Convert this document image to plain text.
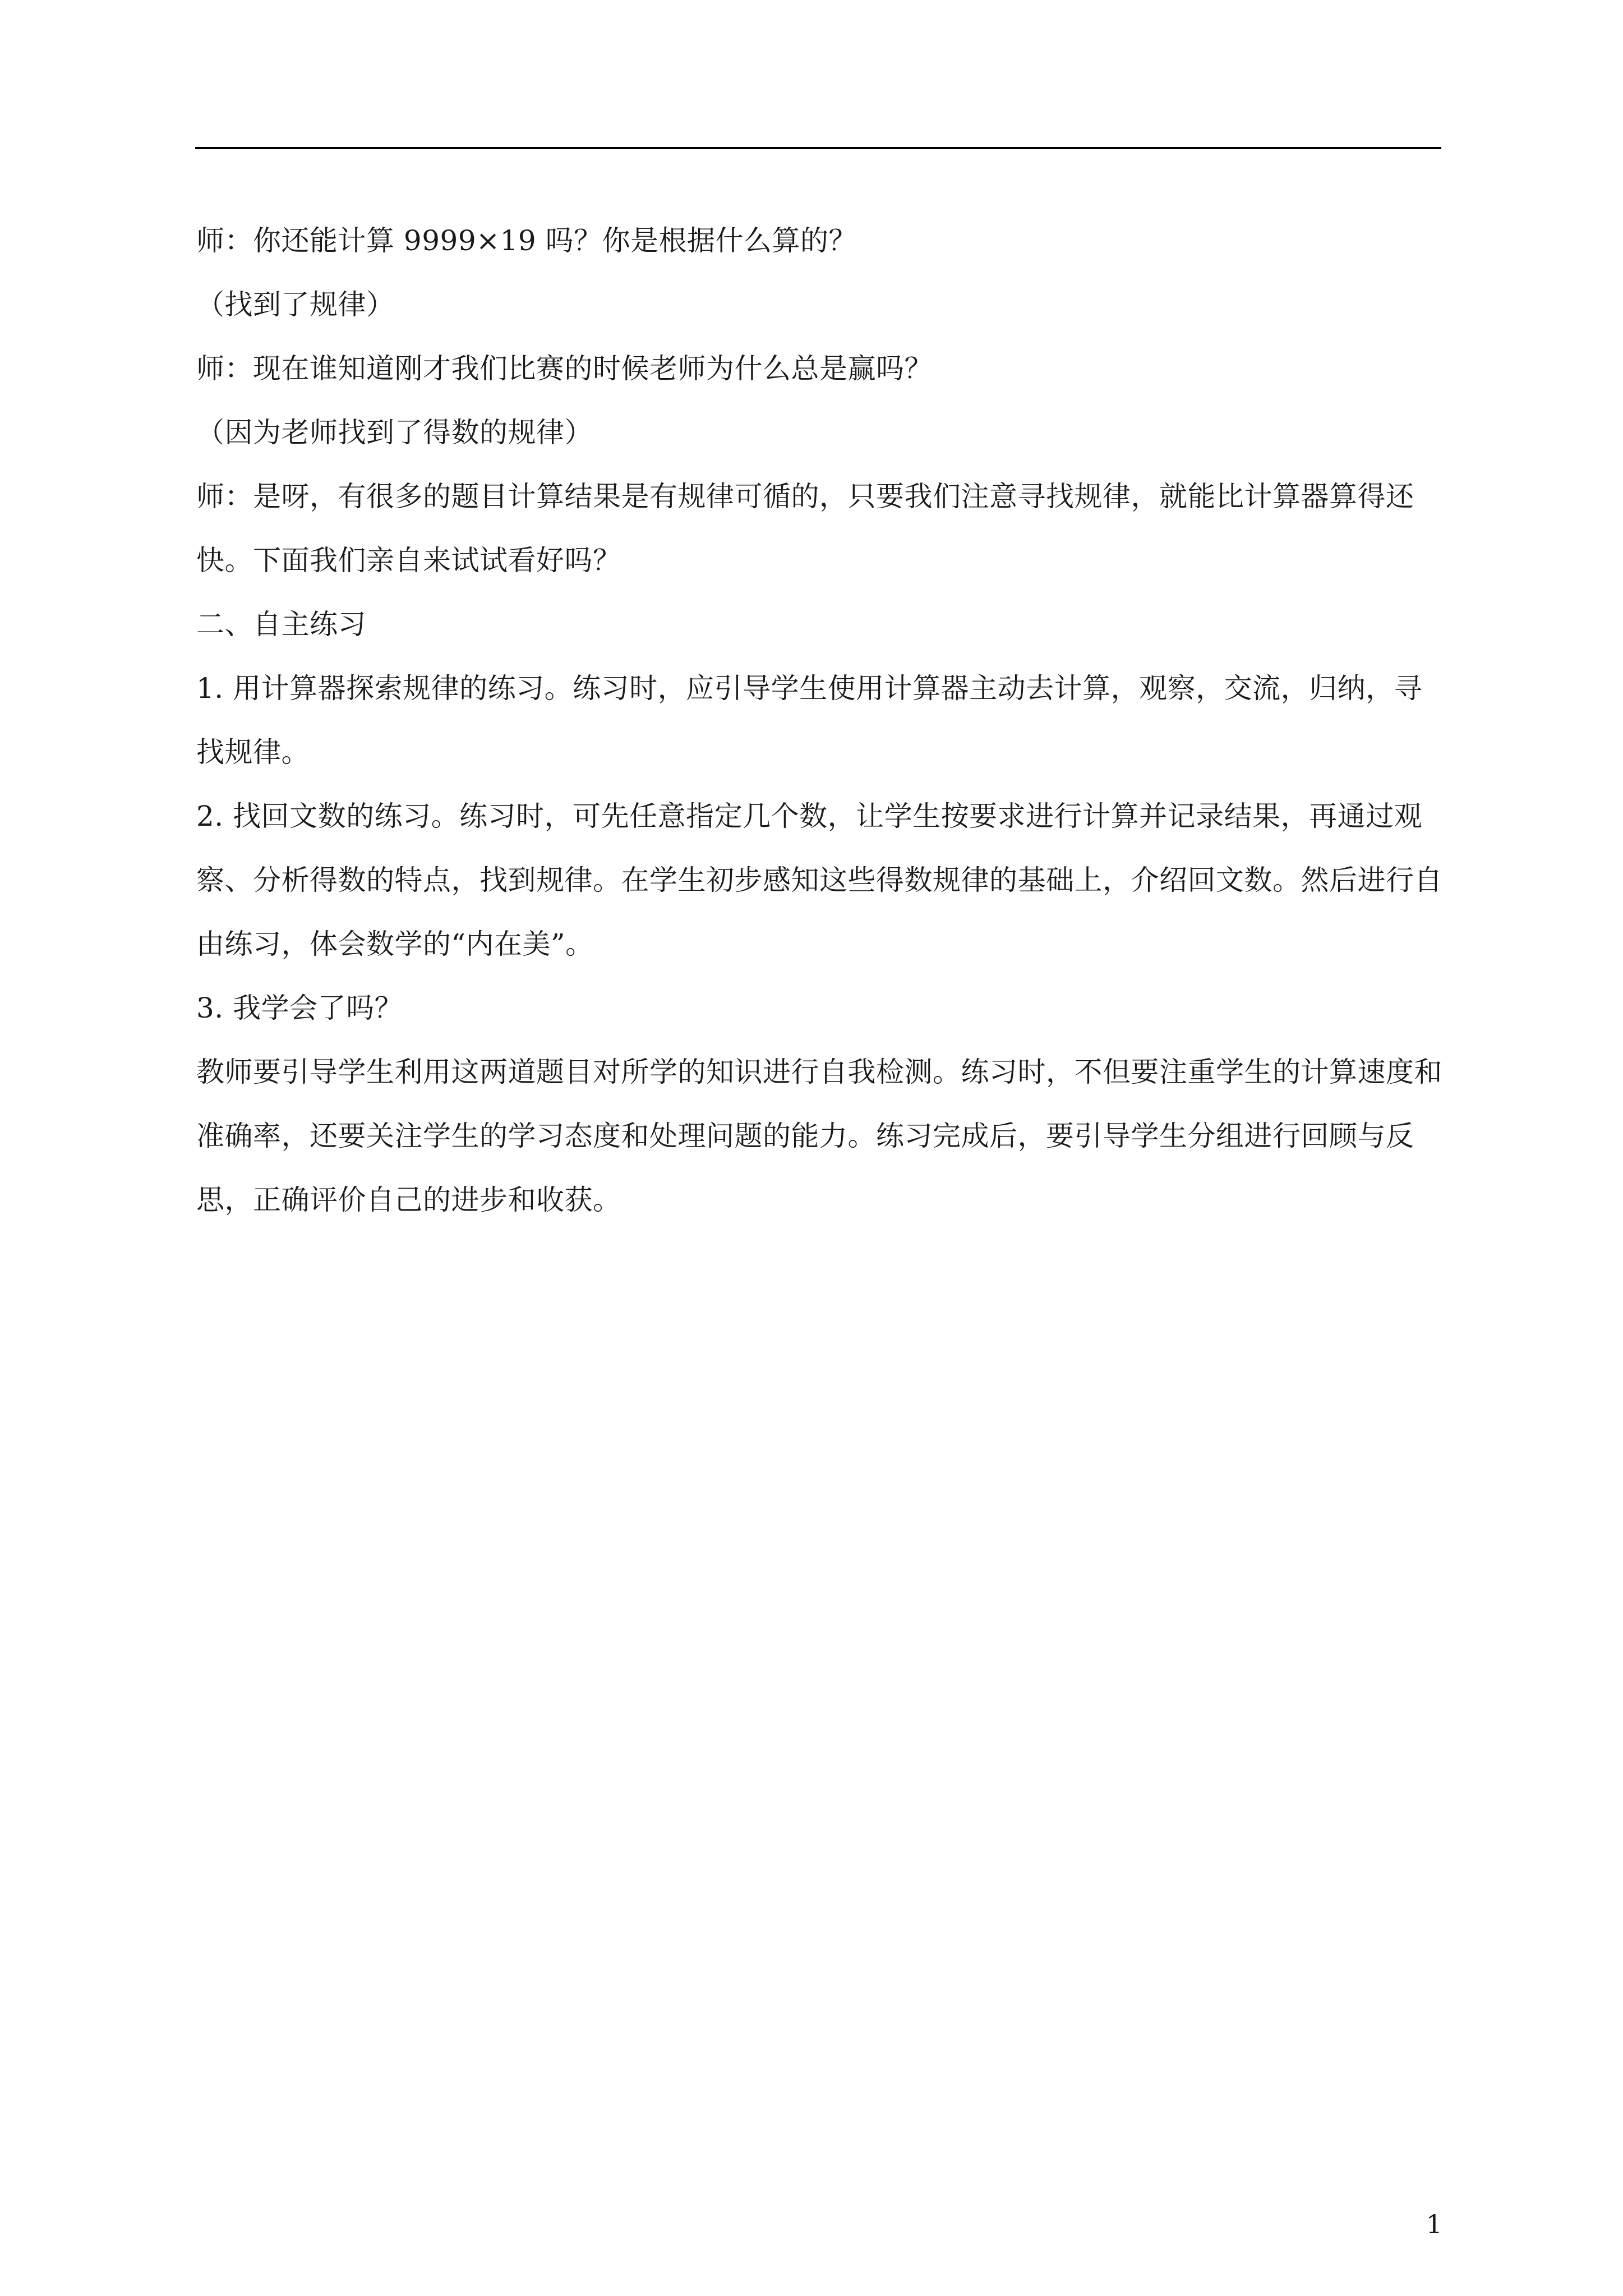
师：你还能计算 9999×19 吗？你是根据什么算的？

（找到了规律）

师：现在谁知道刚才我们比赛的时候老师为什么总是赢吗？

（因为老师找到了得数的规律）

师：是呀，有很多的题目计算结果是有规律可循的，只要我们注意寻找规律，就能比计算器算得还快。下面我们亲自来试试看好吗？

二、自主练习

1. 用计算器探索规律的练习。练习时，应引导学生使用计算器主动去计算，观察，交流，归纳，寻找规律。

2. 找回文数的练习。练习时，可先任意指定几个数，让学生按要求进行计算并记录结果，再通过观察、分析得数的特点，找到规律。在学生初步感知这些得数规律的基础上，介绍回文数。然后进行自由练习，体会数学的“内在美”。

3. 我学会了吗？

教师要引导学生利用这两道题目对所学的知识进行自我检测。练习时，不但要注重学生的计算速度和准确率，还要关注学生的学习态度和处理问题的能力。练习完成后，要引导学生分组进行回顾与反思，正确评价自己的进步和收获。

1
